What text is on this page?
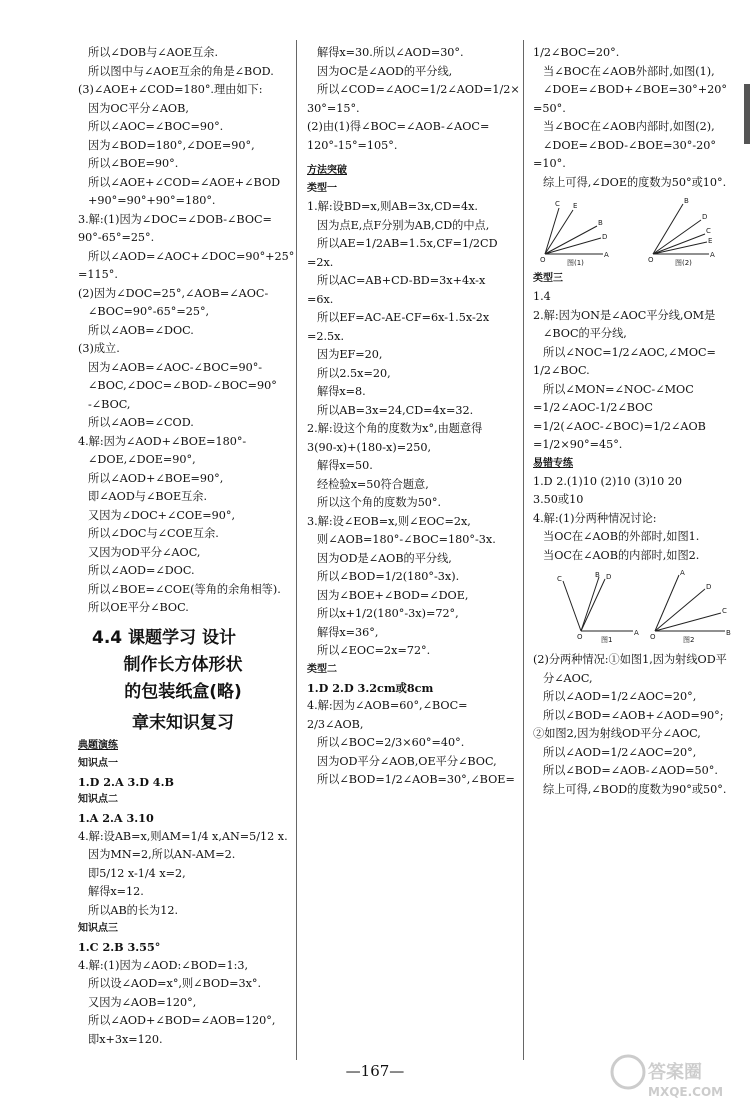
所以∠DOB与∠AOE互余.
所以图中与∠AOE互余的角是∠BOD.
(3)∠AOE+∠COD=180°.理由如下:
因为OC平分∠AOB,
所以∠AOC=∠BOC=90°.
因为∠BOD=180°,∠DOE=90°,
所以∠BOE=90°.
所以∠AOE+∠COD=∠AOE+∠BOD
+90°=90°+90°=180°.
3.解:(1)因为∠DOC=∠DOB-∠BOC=
90°-65°=25°.
所以∠AOD=∠AOC+∠DOC=90°+25°
=115°.
(2)因为∠DOC=25°,∠AOB=∠AOC-
∠BOC=90°-65°=25°,
所以∠AOB=∠DOC.
(3)成立.
因为∠AOB=∠AOC-∠BOC=90°-
∠BOC,∠DOC=∠BOD-∠BOC=90°
-∠BOC,
所以∠AOB=∠COD.
4.解:因为∠AOD+∠BOE=180°-
∠DOE,∠DOE=90°,
所以∠AOD+∠BOE=90°,
即∠AOD与∠BOE互余.
又因为∠DOC+∠COE=90°,
所以∠DOC与∠COE互余.
又因为OD平分∠AOC,
所以∠AOD=∠DOC.
所以∠BOE=∠COE(等角的余角相等).
所以OE平分∠BOC.
4.4 课题学习 设计
制作长方体形状
的包装纸盒(略)
章末知识复习
典题演练
知识点一
1.D 2.A 3.D 4.B
知识点二
1.A 2.A 3.10
4.解:设AB=x,则AM=1/4 x,AN=5/12 x.
因为MN=2,所以AN-AM=2.
即5/12 x-1/4 x=2,
解得x=12.
所以AB的长为12.
知识点三
1.C 2.B 3.55°
4.解:(1)因为∠AOD:∠BOD=1:3,
所以设∠AOD=x°,则∠BOD=3x°.
又因为∠AOB=120°,
所以∠AOD+∠BOD=∠AOB=120°,
即x+3x=120.
解得x=30.所以∠AOD=30°.
因为OC是∠AOD的平分线,
所以∠COD=∠AOC=1/2∠AOD=1/2×
30°=15°.
(2)由(1)得∠BOC=∠AOB-∠AOC=
120°-15°=105°.
方法突破
类型一
1.解:设BD=x,则AB=3x,CD=4x.
因为点E,点F分别为AB,CD的中点,
所以AE=1/2AB=1.5x,CF=1/2CD
=2x.
所以AC=AB+CD-BD=3x+4x-x
=6x.
所以EF=AC-AE-CF=6x-1.5x-2x
=2.5x.
因为EF=20,
所以2.5x=20,
解得x=8.
所以AB=3x=24,CD=4x=32.
2.解:设这个角的度数为x°,由题意得
3(90-x)+(180-x)=250,
解得x=50.
经检验x=50符合题意,
所以这个角的度数为50°.
3.解:设∠EOB=x,则∠EOC=2x,
则∠AOB=180°-∠BOC=180°-3x.
因为OD是∠AOB的平分线,
所以∠BOD=1/2(180°-3x).
因为∠BOE+∠BOD=∠DOE,
所以x+1/2(180°-3x)=72°,
解得x=36°,
所以∠EOC=2x=72°.
类型二
1.D 2.D 3.2cm或8cm
4.解:因为∠AOB=60°,∠BOC=
2/3∠AOB,
所以∠BOC=2/3×60°=40°.
因为OD平分∠AOB,OE平分∠BOC,
所以∠BOD=1/2∠AOB=30°,∠BOE=
1/2∠BOC=20°.
当∠BOC在∠AOB外部时,如图(1),
∠DOE=∠BOD+∠BOE=30°+20°
=50°.
当∠BOC在∠AOB内部时,如图(2),
∠DOE=∠BOD-∠BOE=30°-20°
=10°.
综上可得,∠DOE的度数为50°或10°.
O
A
C E
B
D
O
A
B
D
C
E
图(1)	图(2)
类型三
1.4
2.解:因为ON是∠AOC平分线,OM是
∠BOC的平分线,
所以∠NOC=1/2∠AOC,∠MOC=
1/2∠BOC.
所以∠MON=∠NOC-∠MOC
=1/2∠AOC-1/2∠BOC
=1/2(∠AOC-∠BOC)=1/2∠AOB
=1/2×90°=45°.
易错专练
1.D 2.(1)10 (2)10 (3)10 20
3.50或10
4.解:(1)分两种情况讨论:
当OC在∠AOB的外部时,如图1.
当OC在∠AOB的内部时,如图2.
O	A
C	B D
O	B
A
D
C
图1	图2
(2)分两种情况:①如图1,因为射线OD平
分∠AOC,
所以∠AOD=1/2∠AOC=20°,
所以∠BOD=∠AOB+∠AOD=90°;
②如图2,因为射线OD平分∠AOC,
所以∠AOD=1/2∠AOC=20°,
所以∠BOD=∠AOB-∠AOD=50°.
综上可得,∠BOD的度数为90°或50°.
—167—	答案圈
MXQE.COM
